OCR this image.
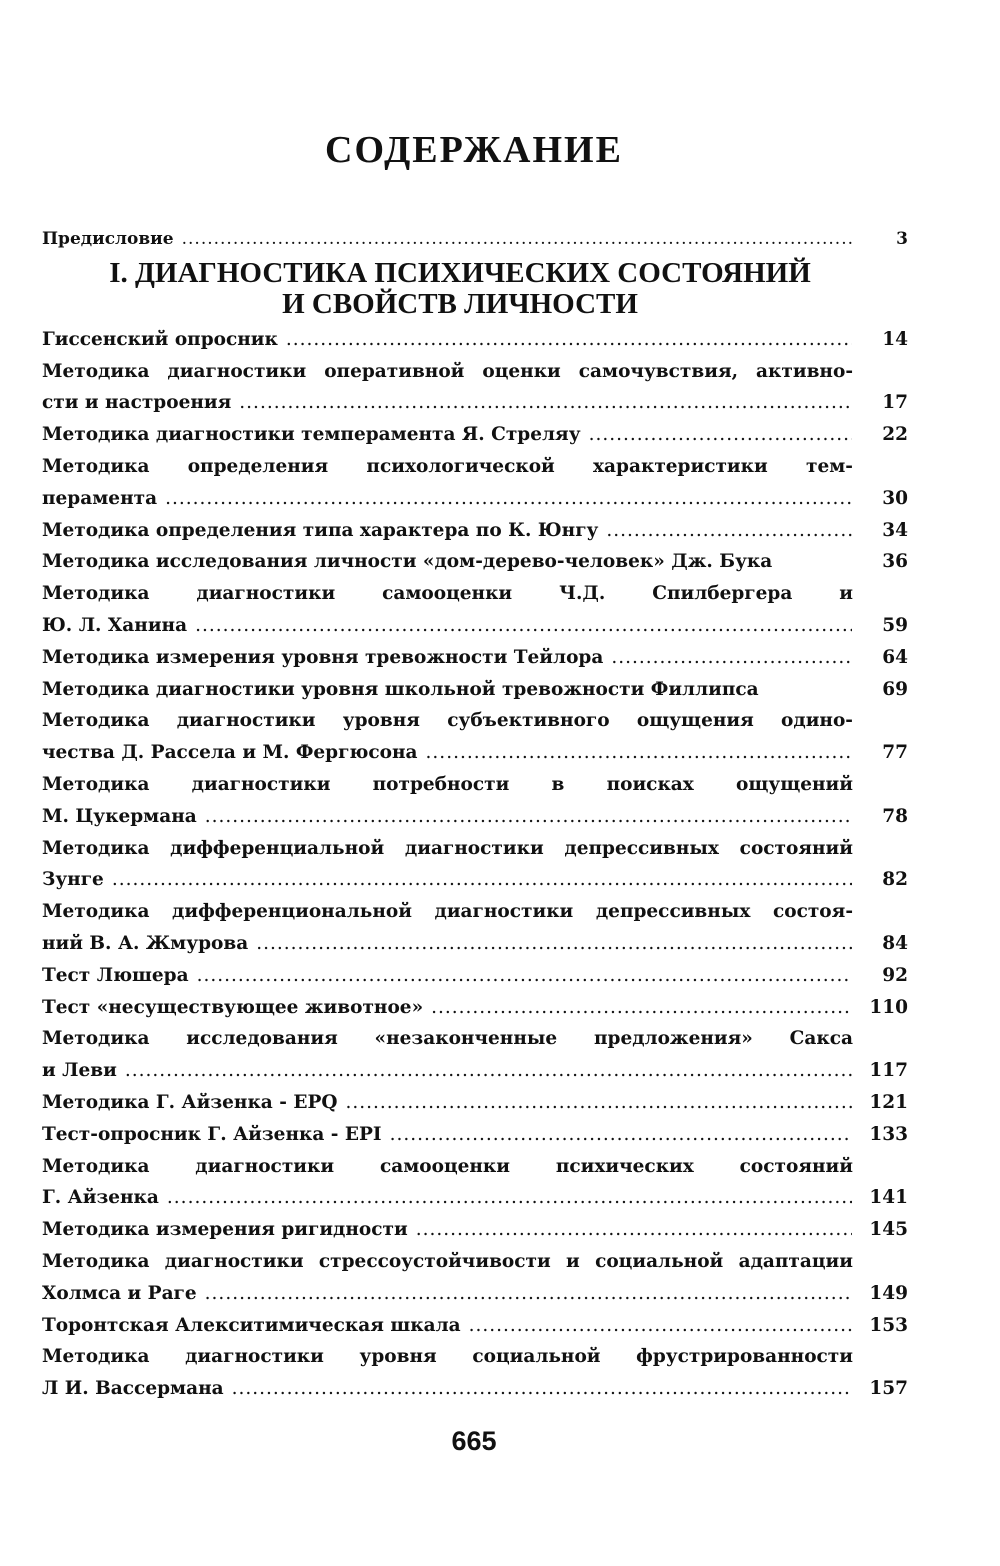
СОДЕРЖАНИЕ
Предисловие .....	3
I. ДИАГНОСТИКА ПСИХИЧЕСКИХ СОСТОЯНИЙ
И СВОЙСТВ ЛИЧНОСТИ
Гиссенский опросник .....	14
Методика диагностики оперативной оценки самочувствия, активно-
сти и настроения .....	17
Методика диагностики темперамента Я. Стреляу .....	22
Методика определения психологической характеристики тем-
перамента .....	30
Методика определения типа характера по К. Юнгу .....	34
Методика исследования личности «дом-дерево-человек» Дж. Бука	36
Методика диагностики самооценки Ч.Д. Спилбергера и
Ю. Л. Ханина .....	59
Методика измерения уровня тревожности Тейлора .....	64
Методика диагностики уровня школьной тревожности Филлипса	69
Методика диагностики уровня субъективного ощущения одино-
чества Д. Рассела и М. Фергюсона .....	77
Методика диагностики потребности в поисках ощущений
М. Цукермана .....	78
Методика дифференциальной диагностики депрессивных состояний
Зунге .....	82
Методика дифференциональной диагностики депрессивных состоя-
ний В. А. Жмурова .....	84
Тест Люшера .....	92
Тест «несуществующее животное» .....	110
Методика исследования «незаконченные предложения» Сакса
и Леви .....	117
Методика Г. Айзенка - EPQ .....	121
Тест-опросник Г. Айзенка - EPI .....	133
Методика диагностики самооценки психических состояний
Г. Айзенка .....	141
Методика измерения ригидности .....	145
Методика диагностики стрессоустойчивости и социальной адаптации
Холмса и Раге .....	149
Торонтская Алекситимическая шкала .....	153
Методика диагностики уровня социальной фрустрированности
Л И. Вассермана .....	157
665
